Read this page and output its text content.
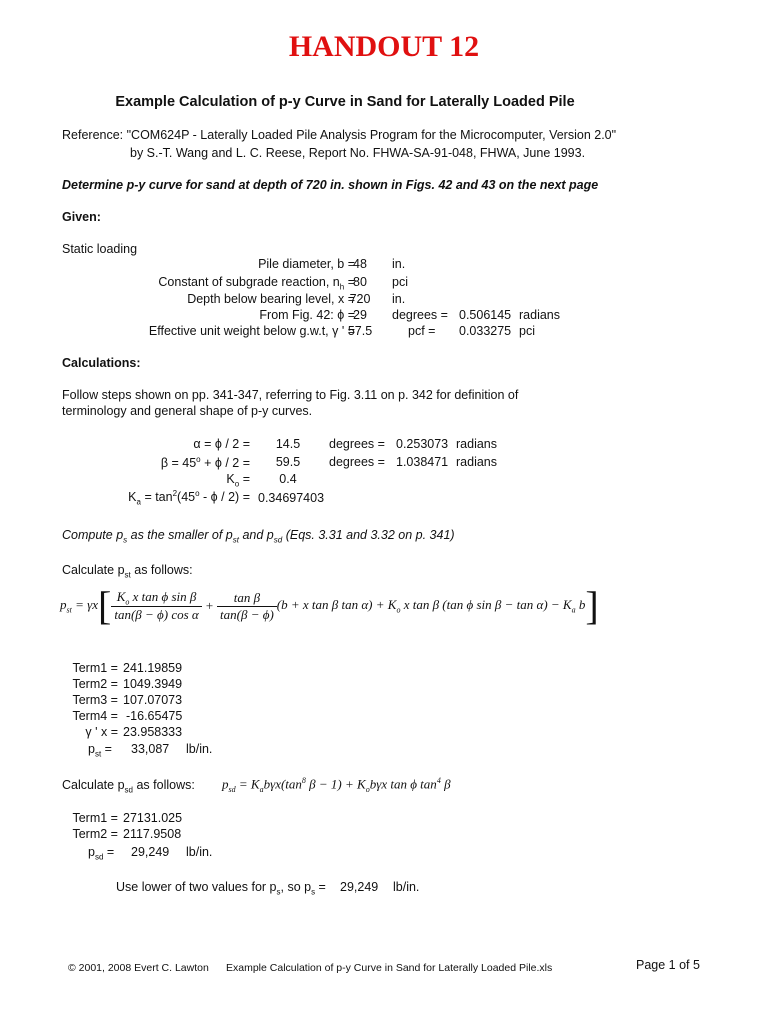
HANDOUT 12
Example Calculation of p-y Curve in Sand for Laterally Loaded Pile
Reference: "COM624P - Laterally Loaded Pile Analysis Program for the Microcomputer, Version 2.0"
by S.-T. Wang and L. C. Reese, Report No. FHWA-SA-91-048, FHWA, June 1993.
Determine p-y curve for sand at depth of 720 in. shown in Figs. 42 and 43 on the next page
Given:
Static loading
Pile diameter, b =
48	in.
Constant of subgrade reaction, $n_h$ =
80	pci
Depth below bearing level, x =
720	in.
From Fig. 42: ϕ =
29	degrees = 0.506145 radians
Effective unit weight below g.w.t, γ ' =
57.5	pcf = 0.033275 pci
Calculations:
Follow steps shown on pp. 341-347, referring to Fig. 3.11 on p. 342 for definition of
terminology and general shape of p-y curves.
α = ϕ / 2 =	14.5	degrees = 0.253073 radians
$\beta = 45^o + \phi / 2$ =	59.5	degrees = 1.038471 radians
$K_o$ =	0.4
$K_a = \tan^2(45^o - \phi / 2) = 0.34697403$
Compute $p_s$ as the smaller of $p_{st}$ and $p_{sd}$ (Eqs. 3.31 and 3.32 on p. 341)
Calculate $p_{st}$ as follows:
$p_{st} = \gamma x[ \frac{K_o x \tan \phi \sin \beta}{\text{tan(β − ϕ) cos α}} + \frac{\text{tan β}}{\tan(\beta - \phi)} (b + x$ tan β $\tan \alpha) + K_o$ x tan β (tan ϕ $\sin \beta - \tan \alpha) - K_a$ b]
Term1 = 241.19859
Term2 = 1049.3949
Term3 = 107.07073
Term4 = -16.65475
γ ' x = 23.958333
$p_{st} = 33,087$ lb/in.
Calculate $p_{sd}$ as follows: $p_{sd} = K_ab\gamma x(\tan^8$ $\beta - 1) + K_ob\gamma x$ tan ϕ $\tan^4 \beta$
Term1 = 27131.025
Term2 = 2117.9508
$p_{sd} = 29,249$ lb/in.
Use lower of two values for $p_s$, so $p_s = 29,249$ lb/in.
© 2001, 2008 Evert C. Lawton Example Calculation of p-y Curve in Sand for Laterally Loaded Pile.xls	Page 1 of 5
